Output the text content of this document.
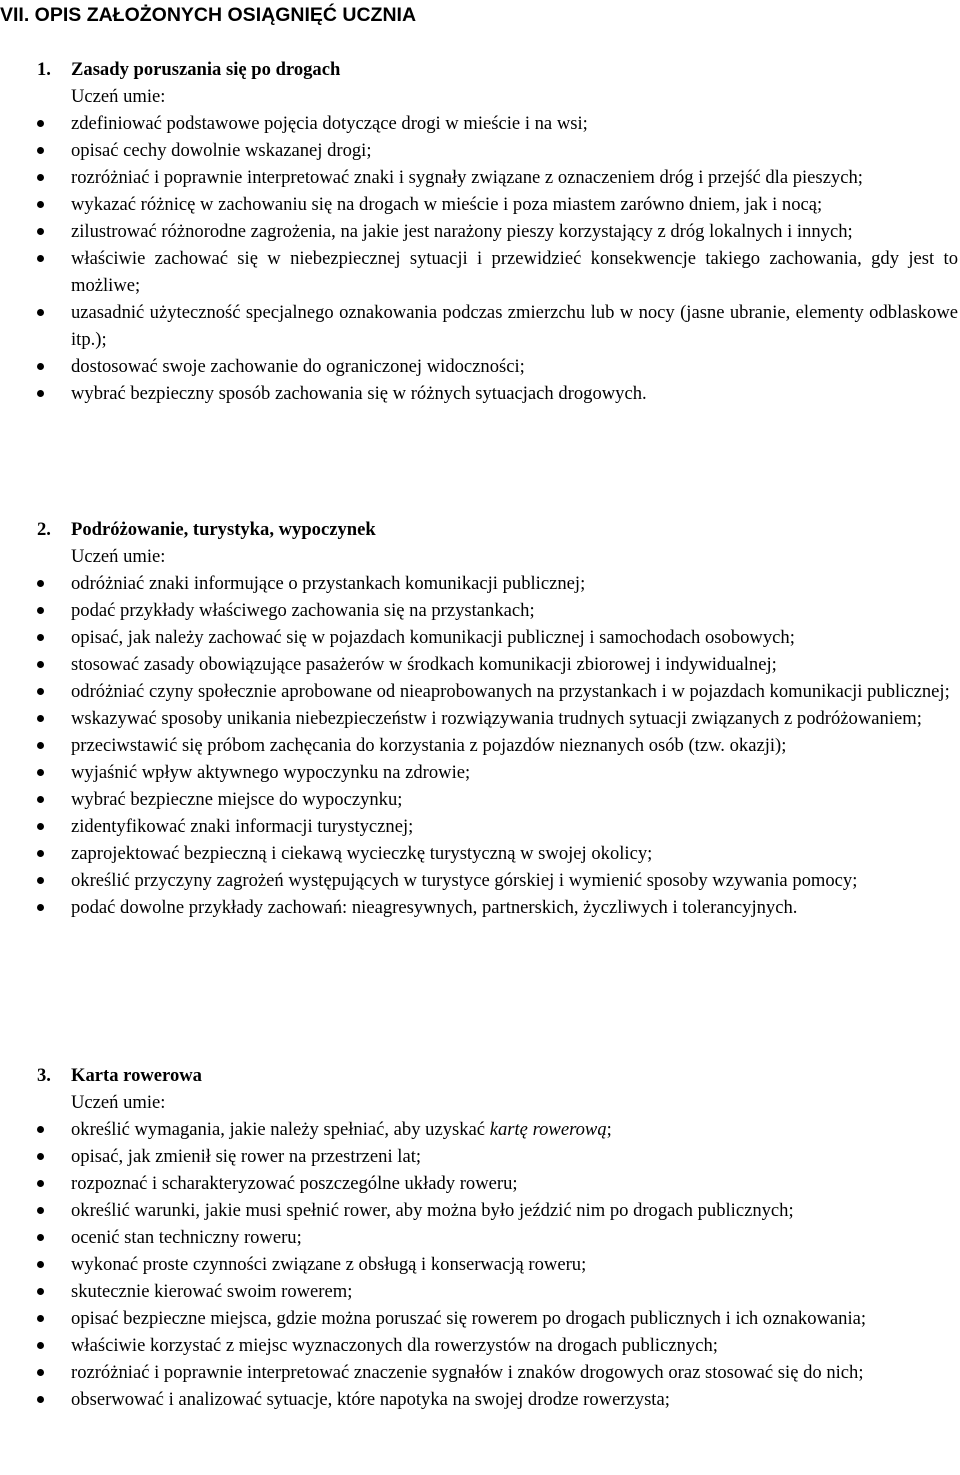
VII. OPIS ZAŁOŻONYCH OSIĄGNIĘĆ UCZNIA
1. Zasady poruszania się po drogach
Uczeń umie:
zdefiniować podstawowe pojęcia dotyczące drogi w mieście i na wsi;
opisać cechy dowolnie wskazanej drogi;
rozróżniać i poprawnie interpretować znaki i sygnały związane z oznaczeniem dróg i przejść dla pieszych;
wykazać różnicę w zachowaniu się na drogach w mieście i poza miastem zarówno dniem, jak i nocą;
zilustrować różnorodne zagrożenia, na jakie jest narażony pieszy korzystający z dróg lokalnych i innych;
właściwie zachować się w niebezpiecznej sytuacji i przewidzieć konsekwencje takiego zachowania, gdy jest to możliwe;
uzasadnić użyteczność specjalnego oznakowania podczas zmierzchu lub w nocy (jasne ubranie, elementy odblaskowe itp.);
dostosować swoje zachowanie do ograniczonej widoczności;
wybrać bezpieczny sposób zachowania się w różnych sytuacjach drogowych.
2. Podróżowanie, turystyka, wypoczynek
Uczeń umie:
odróżniać znaki informujące o przystankach komunikacji publicznej;
podać przykłady właściwego zachowania się na przystankach;
opisać, jak należy zachować się w pojazdach komunikacji publicznej i samochodach osobowych;
stosować zasady obowiązujące pasażerów w środkach komunikacji zbiorowej i indywidualnej;
odróżniać czyny społecznie aprobowane od nieaprobowanych na przystankach i w pojazdach komunikacji publicznej;
wskazywać sposoby unikania niebezpieczeństw i rozwiązywania trudnych sytuacji związanych z podróżowaniem;
przeciwstawić się próbom zachęcania do korzystania z pojazdów nieznanych osób (tzw. okazji);
wyjaśnić wpływ aktywnego wypoczynku na zdrowie;
wybrać bezpieczne miejsce do wypoczynku;
zidentyfikować znaki informacji turystycznej;
zaprojektować bezpieczną i ciekawą wycieczkę turystyczną w swojej okolicy;
określić przyczyny zagrożeń występujących w turystyce górskiej i wymienić sposoby wzywania pomocy;
podać dowolne przykłady zachowań: nieagresywnych, partnerskich, życzliwych i tolerancyjnych.
3. Karta rowerowa
Uczeń umie:
określić wymagania, jakie należy spełniać, aby uzyskać kartę rowerową;
opisać, jak zmienił się rower na przestrzeni lat;
rozpoznać i scharakteryzować poszczególne układy roweru;
określić warunki, jakie musi spełnić rower, aby można było jeździć nim po drogach publicznych;
ocenić stan techniczny roweru;
wykonać proste czynności związane z obsługą i konserwacją roweru;
skutecznie kierować swoim rowerem;
opisać bezpieczne miejsca, gdzie można poruszać się rowerem po drogach publicznych i ich oznakowania;
właściwie korzystać z miejsc wyznaczonych dla rowerzystów na drogach publicznych;
rozróżniać i poprawnie interpretować znaczenie sygnałów i znaków drogowych oraz stosować się do nich;
obserwować i analizować sytuacje, które napotyka na swojej drodze rowerzysta;
